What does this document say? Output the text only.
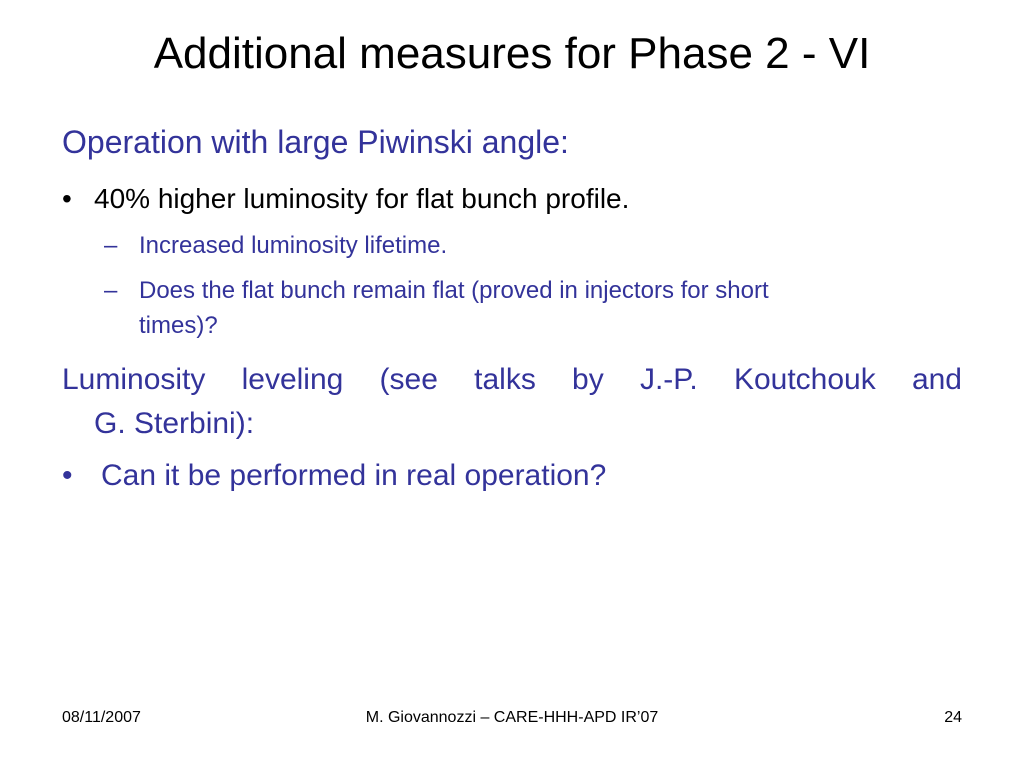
Additional measures for Phase 2 - VI
Operation with large Piwinski angle:
• 40% higher luminosity for flat bunch profile.
– Increased luminosity lifetime.
– Does the flat bunch remain flat (proved in injectors for short
times)?
Luminosity leveling (see talks by J.-P. Koutchouk and
G. Sterbini):
• Can it be performed in real operation?
08/11/2007	M. Giovannozzi – CARE-HHH-APD IR’07	24
